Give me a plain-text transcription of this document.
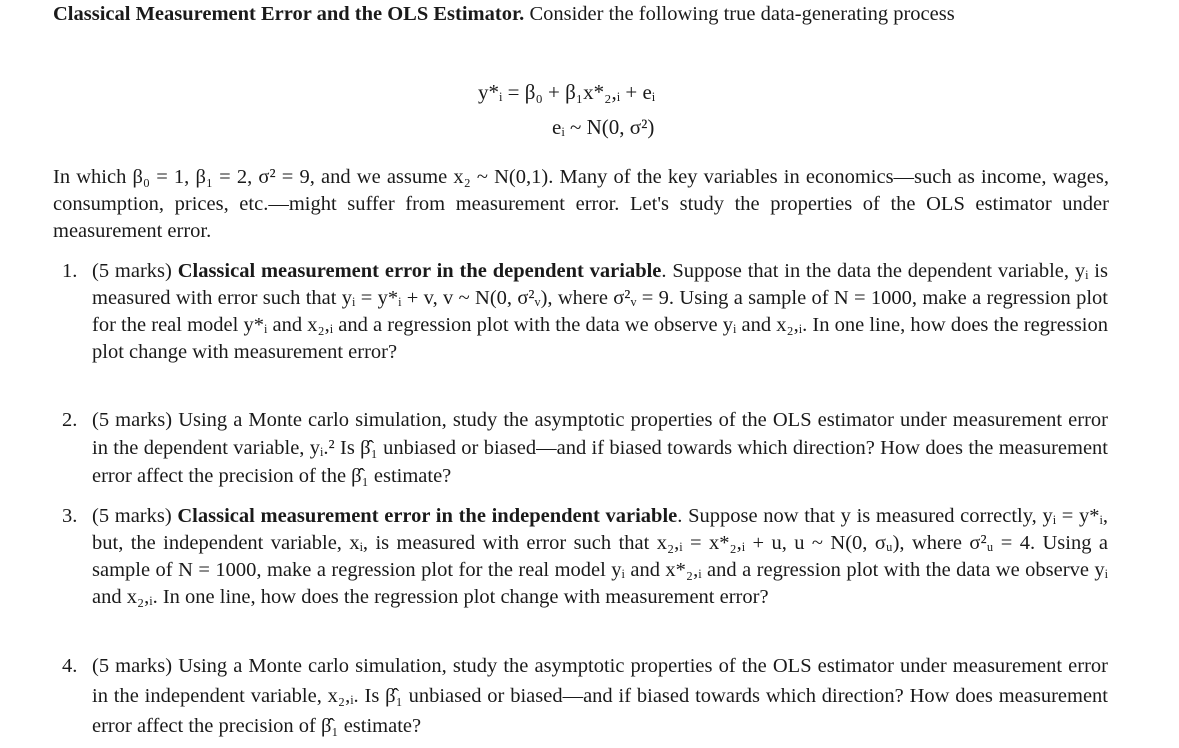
Classical Measurement Error and the OLS Estimator. Consider the following true data-generating process
y*ᵢ = β₀ + β₁x*₂,ᵢ + eᵢ
eᵢ ~ N(0, σ²)
In which β₀ = 1, β₁ = 2, σ² = 9, and we assume x₂ ~ N(0,1). Many of the key variables in economics—such as income, wages, consumption, prices, etc.—might suffer from measurement error. Let's study the properties of the OLS estimator under measurement error.
1. (5 marks) Classical measurement error in the dependent variable. Suppose that in the data the dependent variable, yᵢ is measured with error such that yᵢ = y*ᵢ + v, v ~ N(0, σ²ᵥ), where σ²ᵥ = 9. Using a sample of N = 1000, make a regression plot for the real model y*ᵢ and x₂,ᵢ and a regression plot with the data we observe yᵢ and x₂,ᵢ. In one line, how does the regression plot change with measurement error?
2. (5 marks) Using a Monte carlo simulation, study the asymptotic properties of the OLS estimator under measurement error in the dependent variable, yᵢ.² Is β̂₁ unbiased or biased—and if biased towards which direction? How does the measurement error affect the precision of the β̂₁ estimate?
3. (5 marks) Classical measurement error in the independent variable. Suppose now that y is measured correctly, yᵢ = y*ᵢ, but, the independent variable, xᵢ, is measured with error such that x₂,ᵢ = x*₂,ᵢ + u, u ~ N(0, σᵤ), where σ²ᵤ = 4. Using a sample of N = 1000, make a regression plot for the real model yᵢ and x*₂,ᵢ and a regression plot with the data we observe yᵢ and x₂,ᵢ. In one line, how does the regression plot change with measurement error?
4. (5 marks) Using a Monte carlo simulation, study the asymptotic properties of the OLS estimator under measurement error in the independent variable, x₂,ᵢ. Is β̂₁ unbiased or biased—and if biased towards which direction? How does measurement error affect the precision of β̂₁ estimate?
